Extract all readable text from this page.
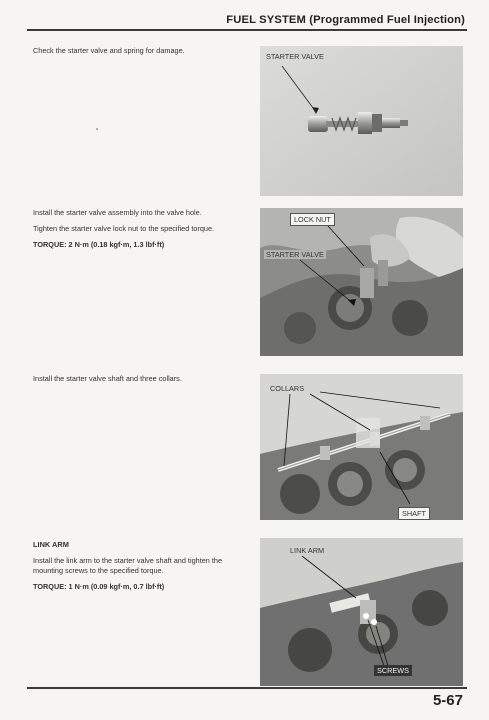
FUEL SYSTEM (Programmed Fuel Injection)

Check the starter valve and spring for damage.

STARTER VALVE

Install the starter valve assembly into the valve hole.

Tighten the starter valve lock nut to the specified torque.

TORQUE: 2 N·m (0.18 kgf·m, 1.3 lbf·ft)

LOCK NUT
STARTER VALVE

Install the starter valve shaft and three collars.

COLLARS
SHAFT
LINK ARM

Install the link arm to the starter valve shaft and tighten the mounting screws to the specified torque.

TORQUE: 1 N·m (0.09 kgf·m, 0.7 lbf·ft)

LINK ARM
SCREWS
5-67
